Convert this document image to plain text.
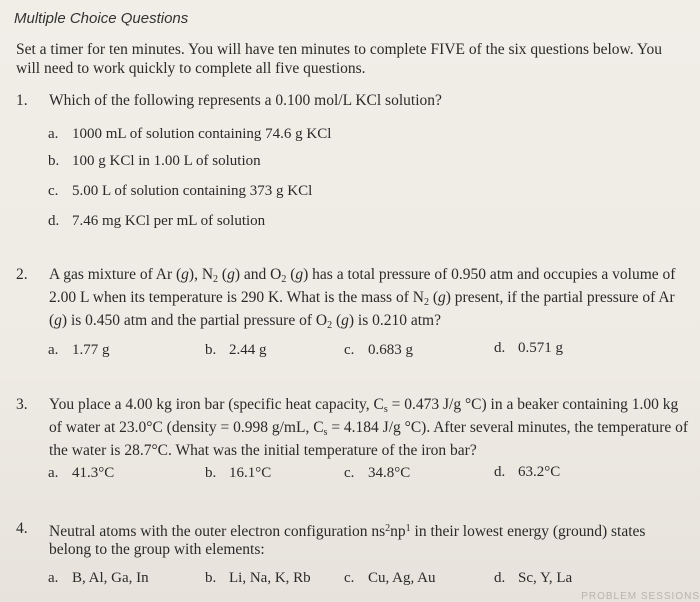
Multiple Choice Questions
Set a timer for ten minutes. You will have ten minutes to complete FIVE of the six questions below. You will need to work quickly to complete all five questions.
1. Which of the following represents a 0.100 mol/L KCl solution?
a. 1000 mL of solution containing 74.6 g KCl
b. 100 g KCl in 1.00 L of solution
c. 5.00 L of solution containing 373 g KCl
d. 7.46 mg KCl per mL of solution
2. A gas mixture of Ar (g), $N_2$ (g) and $O_2$ (g) has a total pressure of 0.950 atm and occupies a volume of 2.00 L when its temperature is 290 K. What is the mass of $N_2$ (g) present, if the partial pressure of Ar (g) is 0.450 atm and the partial pressure of $O_2$ (g) is 0.210 atm?
a. 1.77 g	b. 2.44 g	c. 0.683 g	d. 0.571 g
3. You place a 4.00 kg iron bar (specific heat capacity, $C_s = 0.473$ J/g °C) in a beaker containing 1.00 kg of water at 23.0°C (density = 0.998 g/mL, $C_s = 4.184$ J/g °C). After several minutes, the temperature of the water is 28.7°C. What was the initial temperature of the iron bar?
a. 41.3°C	b. 16.1°C	c. 34.8°C	d. 63.2°C
4. Neutral atoms with the outer electron configuration $ns^2np^1$ in their lowest energy (ground) states belong to the group with elements:
a. B, Al, Ga, In	b. Li, Na, K, Rb c. Cu, Ag, Au	d. Sc, Y, La
PROBLEM SESSIONS
